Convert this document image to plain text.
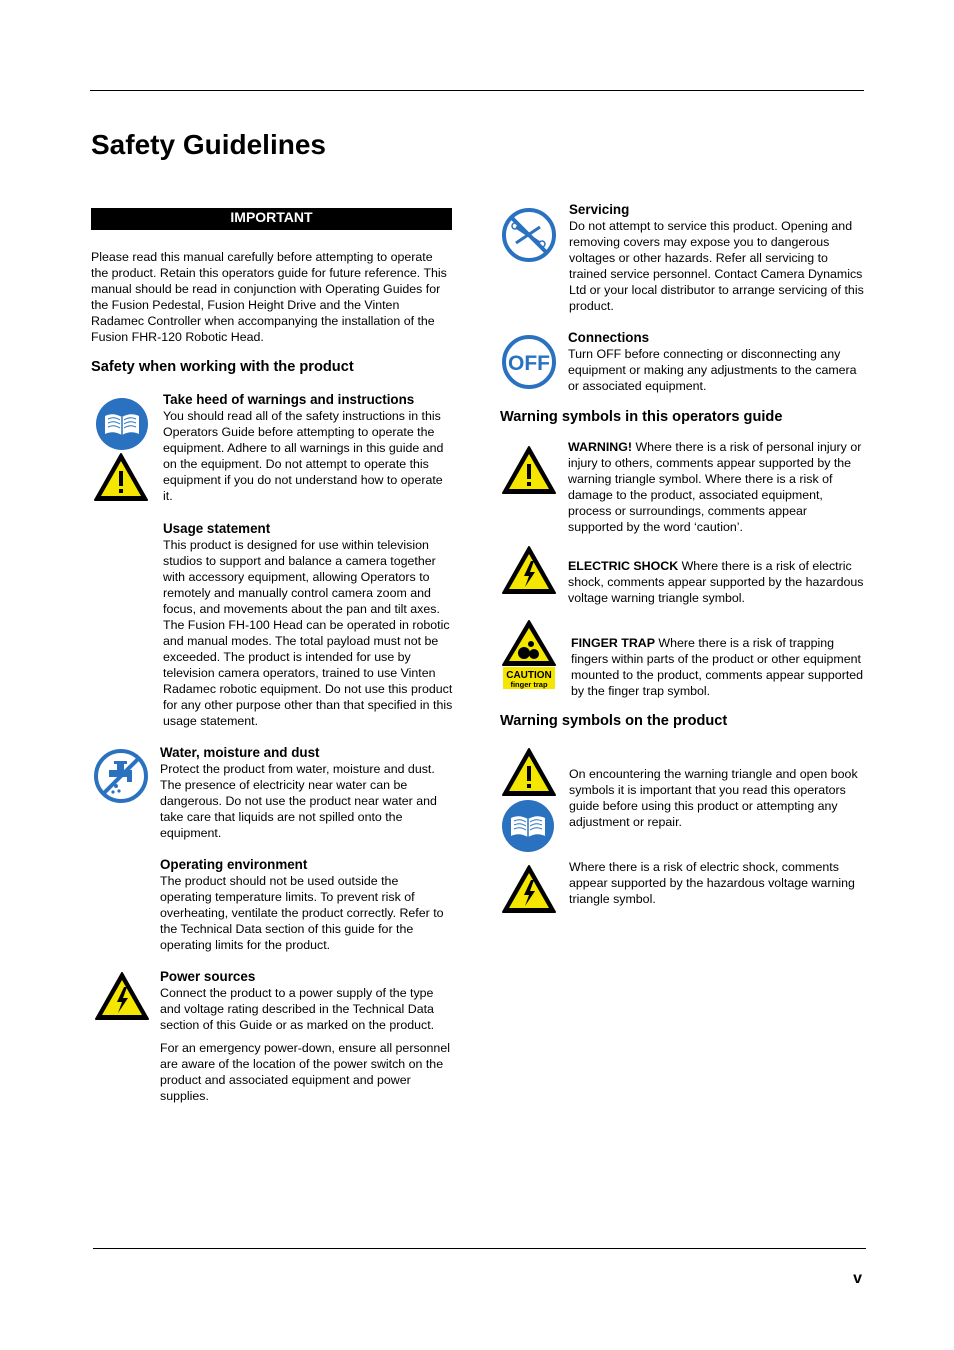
Safety Guidelines
IMPORTANT

Please read this manual carefully before attempting to operate the product. Retain this operators guide for future reference. This manual should be read in conjunction with Operating Guides for the Fusion Pedestal, Fusion Height Drive and the Vinten Radamec Controller when accompanying the installation of the Fusion FHR-120 Robotic Head.

Safety when working with the product

Take heed of warnings and instructions

You should read all of the safety instructions in this Operators Guide before attempting to operate the equipment. Adhere to all warnings in this guide and on the equipment. Do not attempt to operate this equipment if you do not understand how to operate it.

Usage statement

This product is designed for use within television studios to support and balance a camera together with accessory equipment, allowing Operators to remotely and manually control camera zoom and focus, and movements about the pan and tilt axes. The Fusion FH-100 Head can be operated in robotic and manual modes. The total payload must not be exceeded. The product is intended for use by television camera operators, trained to use Vinten Radamec robotic equipment. Do not use this product for any other purpose other than that specified in this usage statement.

Water, moisture and dust

Protect the product from water, moisture and dust. The presence of electricity near water can be dangerous. Do not use the product near water and take care that liquids are not spilled onto the equipment.

Operating environment

The product should not be used outside the operating temperature limits. To prevent risk of overheating, ventilate the product correctly. Refer to the Technical Data section of this guide for the operating limits for the product.

Power sources

Connect the product to a power supply of the type and voltage rating described in the Technical Data section of this Guide or as marked on the product.

For an emergency power-down, ensure all personnel are aware of the location of the power switch on the product and associated equipment and power supplies.

Servicing

Do not attempt to service this product. Opening and removing covers may expose you to dangerous voltages or other hazards. Refer all servicing to trained service personnel. Contact Camera Dynamics Ltd or your local distributor to arrange servicing of this product.

OFF

Connections

Turn OFF before connecting or disconnecting any equipment or making any adjustments to the camera or associated equipment.

Warning symbols in this operators guide

WARNING! Where there is a risk of personal injury or injury to others, comments appear supported by the warning triangle symbol. Where there is a risk of damage to the product, associated equipment, process or surroundings, comments appear supported by the word ‘caution’.

ELECTRIC SHOCK Where there is a risk of electric shock, comments appear supported by the hazardous voltage warning triangle symbol.

CAUTION
finger trap

FINGER TRAP Where there is a risk of trapping fingers within parts of the product or other equipment mounted to the product, comments appear supported by the finger trap symbol.

Warning symbols on the product

On encountering the warning triangle and open book symbols it is important that you read this operators guide before using this product or attempting any adjustment or repair.

Where there is a risk of electric shock, comments appear supported by the hazardous voltage warning triangle symbol.

v
